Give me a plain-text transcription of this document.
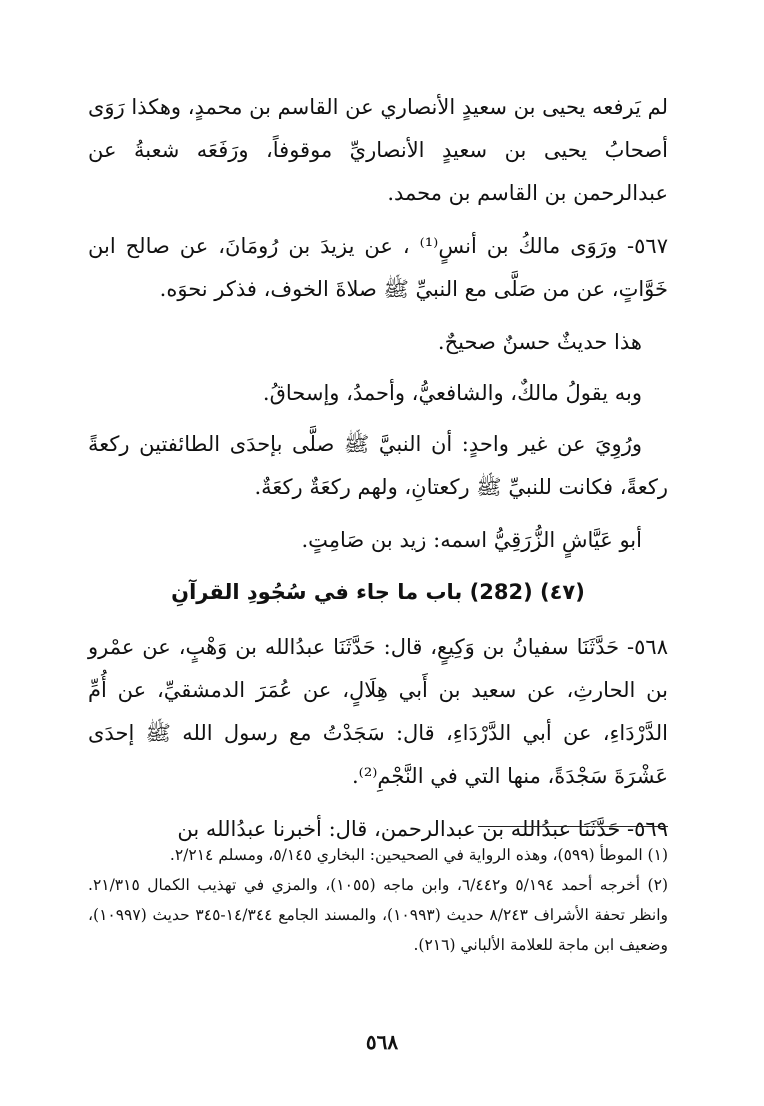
لم يَرفعه يحيى بن سعيدٍ الأنصاري عن القاسم بن محمدٍ، وهكذا رَوَى أصحابُ يحيى بن سعيدٍ الأنصاريِّ موقوفاً، ورَفَعَه شعبةُ عن عبدالرحمن بن القاسم بن محمد.

٥٦٧- ورَوَى مالكُ بن أنسٍ⁽¹⁾ ، عن يزيدَ بن رُومَانَ، عن صالح ابن خَوَّاتٍ، عن من صَلَّى مع النبيِّ ﷺ صلاةَ الخوف، فذكر نحوَه.

هذا حديثٌ حسنٌ صحيحٌ.

وبه يقولُ مالكٌ، والشافعيُّ، وأحمدُ، وإسحاقُ.

ورُوِيَ عن غير واحدٍ: أن النبيَّ ﷺ صلَّى بإحدَى الطائفتين ركعةً ركعةً، فكانت للنبيِّ ﷺ ركعتانِ، ولهم ركعَةٌ ركعَةٌ.

أبو عَيَّاشٍ الزُّرَقِيُّ اسمه: زيد بن صَامِتٍ.

(٤٧) (282) باب ما جاء في سُجُودِ القرآنِ

٥٦٨- حَدَّثَنَا سفيانُ بن وَكِيعٍ، قال: حَدَّثَنَا عبدُالله بن وَهْبٍ، عن عمْرو بن الحارثِ، عن سعيد بن أَبي هِلَالٍ، عن عُمَرَ الدمشقيِّ، عن أُمِّ الدَّرْدَاءِ، عن أبي الدَّرْدَاءِ، قال: سَجَدْتُ مع رسول الله ﷺ إحدَى عَشْرَةَ سَجْدَةً، منها التي في النَّجْمِ⁽²⁾.

٥٦٩- حَدَّثَنَا عبدُالله بن عبدالرحمن، قال: أخبرنا عبدُالله بن

(١) الموطأ (٥٩٩)، وهذه الرواية في الصحيحين: البخاري ٥/١٤٥، ومسلم ٢/٢١٤.

(٢) أخرجه أحمد ٥/١٩٤ و٦/٤٤٢، وابن ماجه (١٠٥٥)، والمزي في تهذيب الكمال ٢١/٣١٥. وانظر تحفة الأشراف ٨/٢٤٣ حديث (١٠٩٩٣)، والمسند الجامع ١٤/٣٤٤-٣٤٥ حديث (١٠٩٩٧)، وضعيف ابن ماجة للعلامة الألباني (٢١٦).

٥٦٨
